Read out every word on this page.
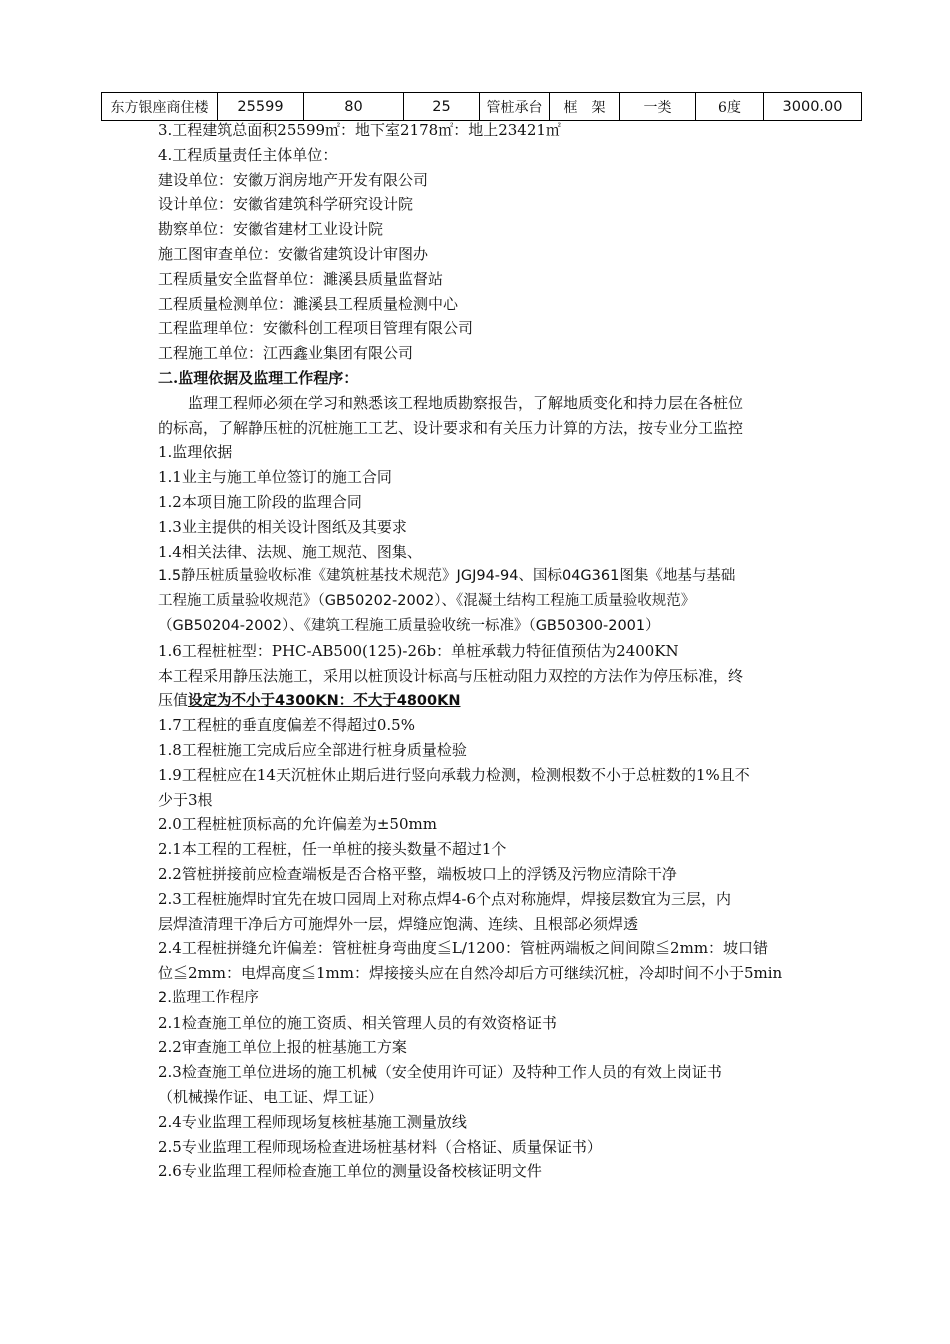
东方银座商住楼	25599	80	25	管桩承台	框　架	一类	6度	3000.00
3.工程建筑总面积25599㎡：地下室2178㎡：地上23421㎡
4.工程质量责任主体单位：
建设单位：安徽万润房地产开发有限公司
设计单位：安徽省建筑科学研究设计院
勘察单位：安徽省建材工业设计院
施工图审查单位：安徽省建筑设计审图办
工程质量安全监督单位：濉溪县质量监督站
工程质量检测单位：濉溪县工程质量检测中心
工程监理单位：安徽科创工程项目管理有限公司
工程施工单位：江西鑫业集团有限公司
二.监理依据及监理工作程序：
监理工程师必须在学习和熟悉该工程地质勘察报告，了解地质变化和持力层在各桩位
的标高，了解静压桩的沉桩施工工艺、设计要求和有关压力计算的方法，按专业分工监控
1.监理依据
1.1业主与施工单位签订的施工合同
1.2本项目施工阶段的监理合同
1.3业主提供的相关设计图纸及其要求
1.4相关法律、法规、施工规范、图集、
1.5静压桩质量验收标准《建筑桩基技术规范》JGJ94-94、国标04G361图集《地基与基础
工程施工质量验收规范》（GB50202-2002）、《混凝土结构工程施工质量验收规范》
（GB50204-2002）、《建筑工程施工质量验收统一标准》（GB50300-2001）
1.6工程桩桩型：PHC-AB500(125)-26b：单桩承载力特征值预估为2400KN
本工程采用静压法施工，采用以桩顶设计标高与压桩动阻力双控的方法作为停压标准，终
压值设定为不小于4300KN：不大于4800KN
1.7工程桩的垂直度偏差不得超过0.5%
1.8工程桩施工完成后应全部进行桩身质量检验
1.9工程桩应在14天沉桩休止期后进行竖向承载力检测，检测根数不小于总桩数的1%且不
少于3根
2.0工程桩桩顶标高的允许偏差为±50mm
2.1本工程的工程桩，任一单桩的接头数量不超过1个
2.2管桩拼接前应检查端板是否合格平整，端板坡口上的浮锈及污物应清除干净
2.3工程桩施焊时宜先在坡口园周上对称点焊4-6个点对称施焊，焊接层数宜为三层，内
层焊渣清理干净后方可施焊外一层，焊缝应饱满、连续、且根部必须焊透
2.4工程桩拼缝允许偏差：管桩桩身弯曲度≦L/1200：管桩两端板之间间隙≦2mm：坡口错
位≦2mm：电焊高度≦1mm：焊接接头应在自然冷却后方可继续沉桩，冷却时间不小于5min
2.监理工作程序
2.1检查施工单位的施工资质、相关管理人员的有效资格证书
2.2审查施工单位上报的桩基施工方案
2.3检查施工单位进场的施工机械（安全使用许可证）及特种工作人员的有效上岗证书
（机械操作证、电工证、焊工证）
2.4专业监理工程师现场复核桩基施工测量放线
2.5专业监理工程师现场检查进场桩基材料（合格证、质量保证书）
2.6专业监理工程师检查施工单位的测量设备校核证明文件
